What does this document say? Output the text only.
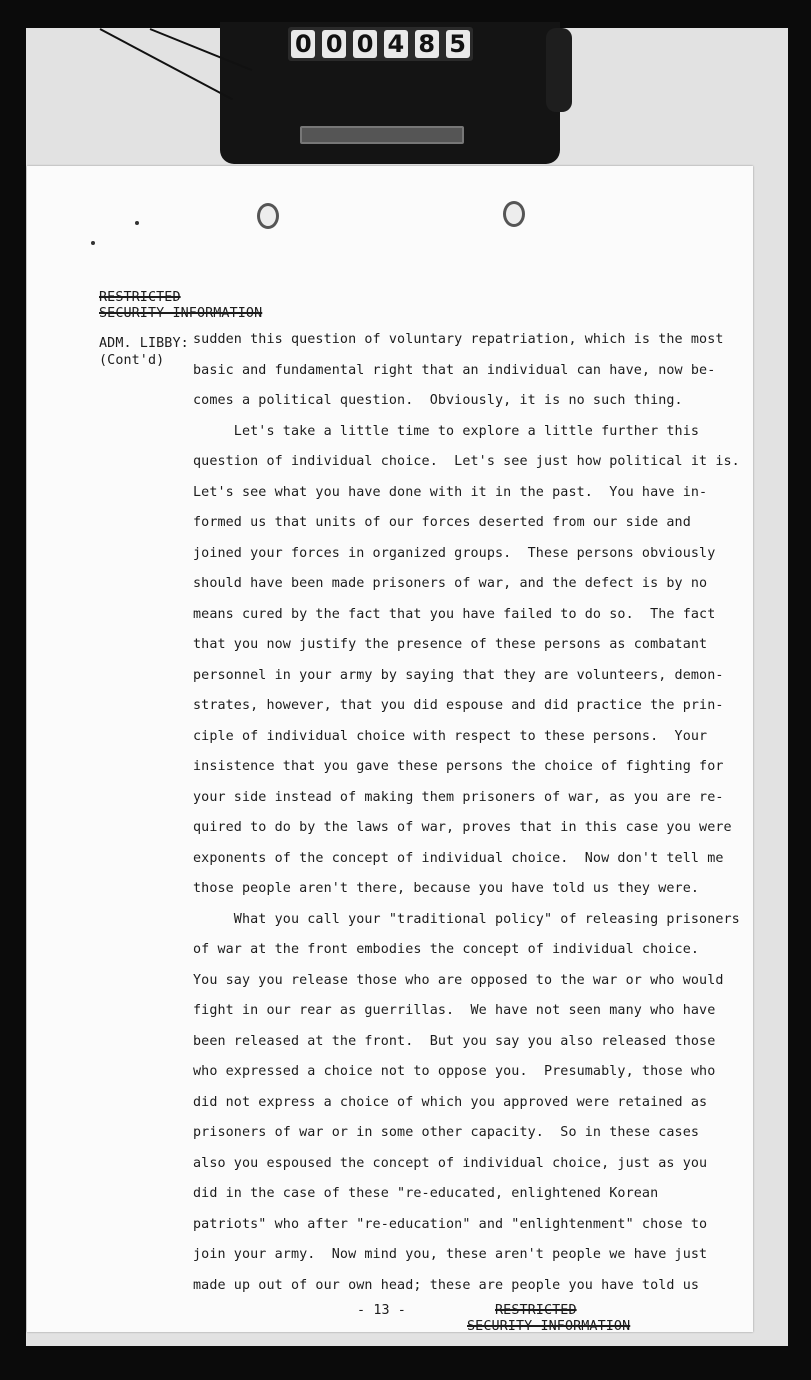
0 0 0 4 8 5
RESTRICTED
SECURITY INFORMATION
ADM. LIBBY:
(Cont'd)
sudden this question of voluntary repatriation, which is the most
basic and fundamental right that an individual can have, now be-
comes a political question.  Obviously, it is no such thing.
Let's take a little time to explore a little further this
question of individual choice.  Let's see just how political it is.
Let's see what you have done with it in the past.  You have in-
formed us that units of our forces deserted from our side and
joined your forces in organized groups.  These persons obviously
should have been made prisoners of war, and the defect is by no
means cured by the fact that you have failed to do so.  The fact
that you now justify the presence of these persons as combatant
personnel in your army by saying that they are volunteers, demon-
strates, however, that you did espouse and did practice the prin-
ciple of individual choice with respect to these persons.  Your
insistence that you gave these persons the choice of fighting for
your side instead of making them prisoners of war, as you are re-
quired to do by the laws of war, proves that in this case you were
exponents of the concept of individual choice.  Now don't tell me
those people aren't there, because you have told us they were.
What you call your "traditional policy" of releasing prisoners
of war at the front embodies the concept of individual choice.
You say you release those who are opposed to the war or who would
fight in our rear as guerrillas.  We have not seen many who have
been released at the front.  But you say you also released those
who expressed a choice not to oppose you.  Presumably, those who
did not express a choice of which you approved were retained as
prisoners of war or in some other capacity.  So in these cases
also you espoused the concept of individual choice, just as you
did in the case of these "re-educated, enlightened Korean
patriots" who after "re-education" and "enlightenment" chose to
join your army.  Now mind you, these aren't people we have just
made up out of our own head; these are people you have told us
- 13 -	RESTRICTED
SECURITY INFORMATION
